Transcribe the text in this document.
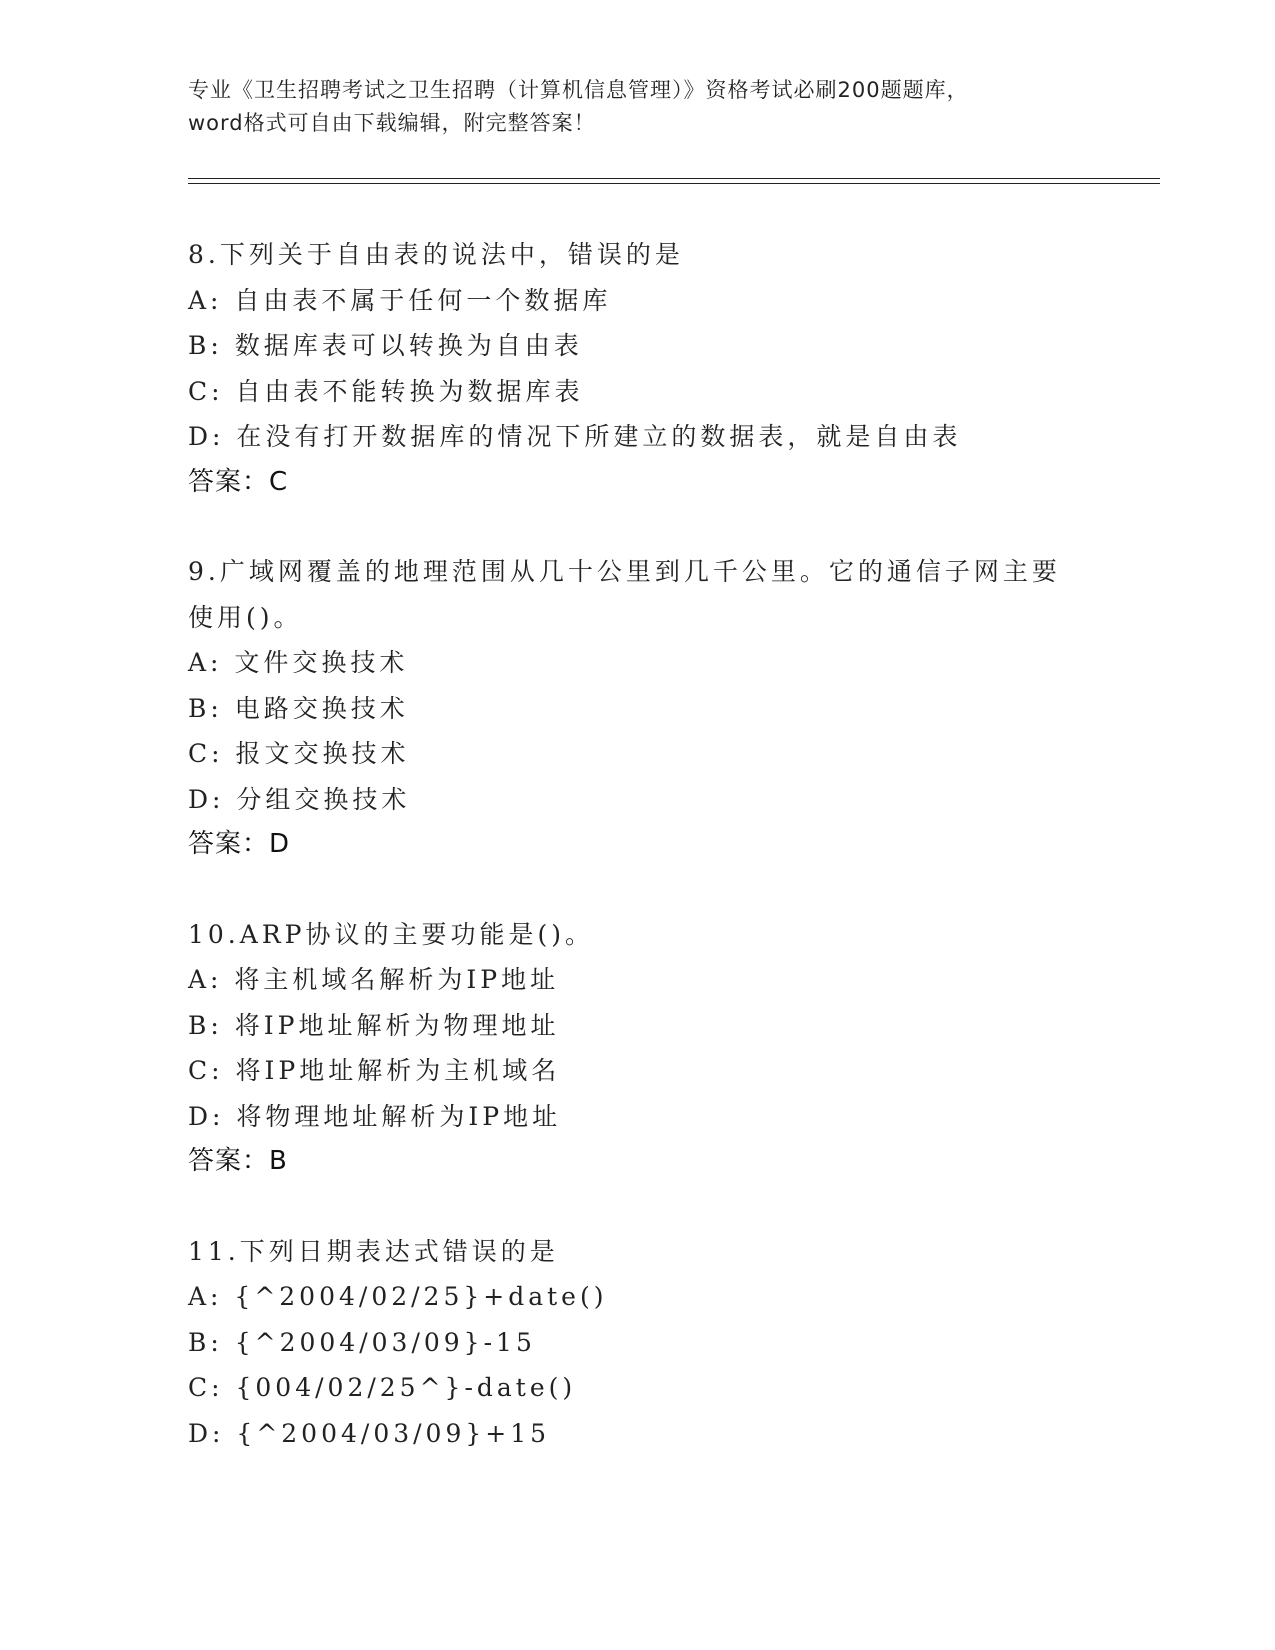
专业《卫生招聘考试之卫生招聘（计算机信息管理）》资格考试必刷200题题库，
word格式可自由下载编辑，附完整答案！
8.下列关于自由表的说法中，错误的是
A: 自由表不属于任何一个数据库
B: 数据库表可以转换为自由表
C: 自由表不能转换为数据库表
D: 在没有打开数据库的情况下所建立的数据表，就是自由表
答案：C
9.广域网覆盖的地理范围从几十公里到几千公里。它的通信子网主要
使用()。
A: 文件交换技术
B: 电路交换技术
C: 报文交换技术
D: 分组交换技术
答案：D
10.ARP协议的主要功能是()。
A: 将主机域名解析为IP地址
B: 将IP地址解析为物理地址
C: 将IP地址解析为主机域名
D: 将物理地址解析为IP地址
答案：B
11.下列日期表达式错误的是
A: {^2004/02/25}+date()
B: {^2004/03/09}-15
C: {004/02/25^}-date()
D: {^2004/03/09}+15
